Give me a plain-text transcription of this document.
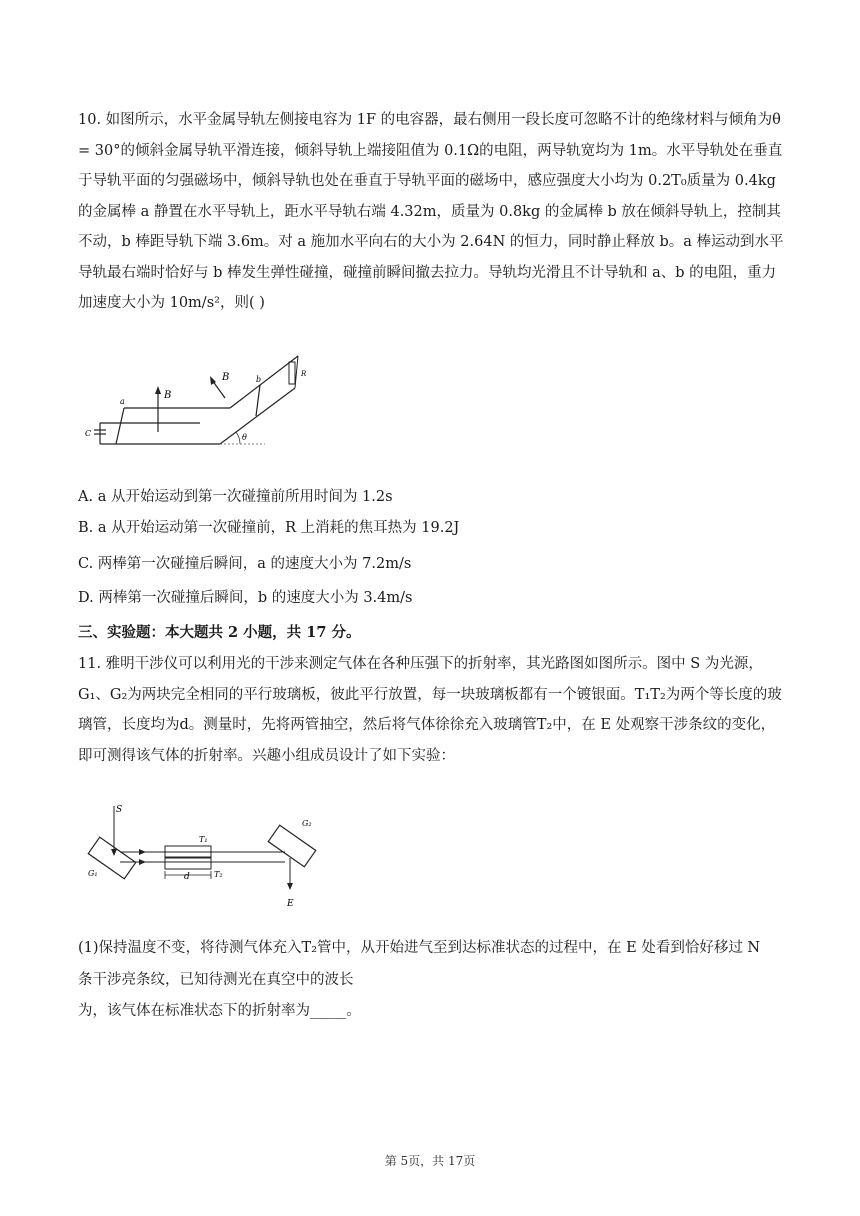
10. 如图所示，水平金属导轨左侧接电容为 1F 的电容器，最右侧用一段长度可忽略不计的绝缘材料与倾角为θ = 30°的倾斜金属导轨平滑连接，倾斜导轨上端接阻值为 0.1Ω的电阻，两导轨宽均为 1m。水平导轨处在垂直于导轨平面的匀强磁场中，倾斜导轨也处在垂直于导轨平面的磁场中，感应强度大小均为 0.2T₀质量为 0.4kg 的金属棒 a 静置在水平导轨上，距水平导轨右端 4.32m，质量为 0.8kg 的金属棒 b 放在倾斜导轨上，控制其不动，b 棒距导轨下端 3.6m。对 a 施加水平向右的大小为 2.64N 的恒力，同时静止释放 b。a 棒运动到水平导轨最右端时恰好与 b 棒发生弹性碰撞，碰撞前瞬间撤去拉力。导轨均光滑且不计导轨和 a、b 的电阻，重力加速度大小为 10m/s²，则( )
a
b
B
B
C
R
θ
A. a 从开始运动到第一次碰撞前所用时间为 1.2s
B. a 从开始运动第一次碰撞前，R 上消耗的焦耳热为 19.2J
C. 两棒第一次碰撞后瞬间，a 的速度大小为 7.2m/s
D. 两棒第一次碰撞后瞬间，b 的速度大小为 3.4m/s
三、实验题：本大题共 2 小题，共 17 分。
11. 雅明干涉仪可以利用光的干涉来测定气体在各种压强下的折射率，其光路图如图所示。图中 S 为光源，G₁、G₂为两块完全相同的平行玻璃板，彼此平行放置，每一块玻璃板都有一个镀银面。T₁T₂为两个等长度的玻璃管，长度均为d。测量时，先将两管抽空，然后将气体徐徐充入玻璃管T₂中，在 E 处观察干涉条纹的变化，即可测得该气体的折射率。兴趣小组成员设计了如下实验：
S
G₁
G₂
T₁
T₂
d
E
(1)保持温度不变，将待测气体充入T₂管中，从开始进气至到达标准状态的过程中，在 E 处看到恰好移过 N
条干涉亮条纹，已知待测光在真空中的波长
为，该气体在标准状态下的折射率为_____。
第 5页，共 17页
